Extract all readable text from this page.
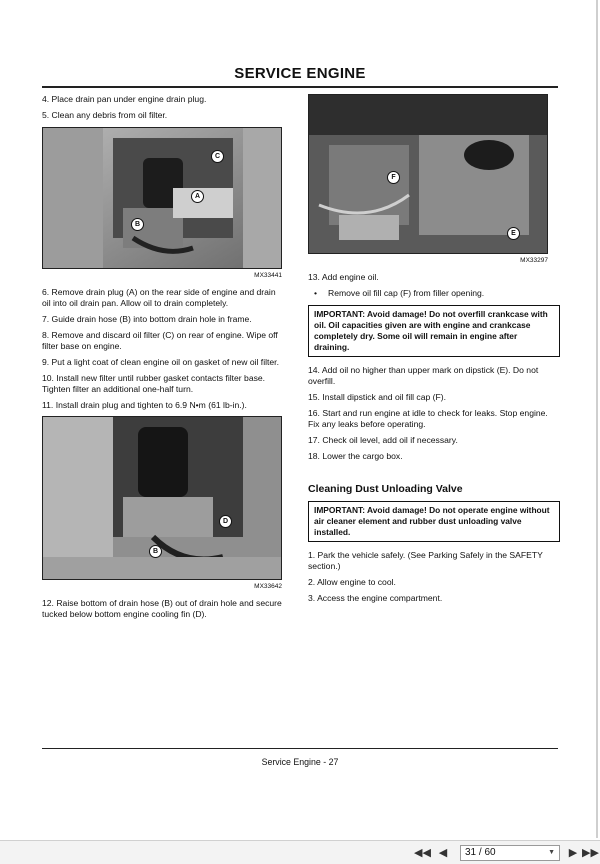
SERVICE ENGINE
4. Place drain pan under engine drain plug.
5. Clean any debris from oil filter.
C
A
B
MX33441
6. Remove drain plug (A) on the rear side of engine and drain oil into oil drain pan. Allow oil to drain completely.
7. Guide drain hose (B) into bottom drain hole in frame.
8. Remove and discard oil filter (C) on rear of engine. Wipe off filter base on engine.
9. Put a light coat of clean engine oil on gasket of new oil filter.
10. Install new filter until rubber gasket contacts filter base. Tighten filter an additional one-half turn.
11. Install drain plug and tighten to 6.9 N•m (61 lb-in.).
D
B
MX33642
12. Raise bottom of drain hose (B) out of drain hole and secure tucked below bottom engine cooling fin (D).
F
E
MX33297
13. Add engine oil.
• Remove oil fill cap (F) from filler opening.
IMPORTANT: Avoid damage! Do not overfill crankcase with oil. Oil capacities given are with engine and crankcase completely dry. Some oil will remain in engine after draining.
14. Add oil no higher than upper mark on dipstick (E). Do not overfill.
15. Install dipstick and oil fill cap (F).
16. Start and run engine at idle to check for leaks. Stop engine. Fix any leaks before operating.
17. Check oil level, add oil if necessary.
18. Lower the cargo box.
Cleaning Dust Unloading Valve
IMPORTANT: Avoid damage! Do not operate engine without air cleaner element and rubber dust unloading valve installed.
1. Park the vehicle safely. (See Parking Safely in the SAFETY section.)
2. Allow engine to cool.
3. Access the engine compartment.
Service Engine - 27
◀◀ ◀	31 / 60	▼ ▶ ▶▶
